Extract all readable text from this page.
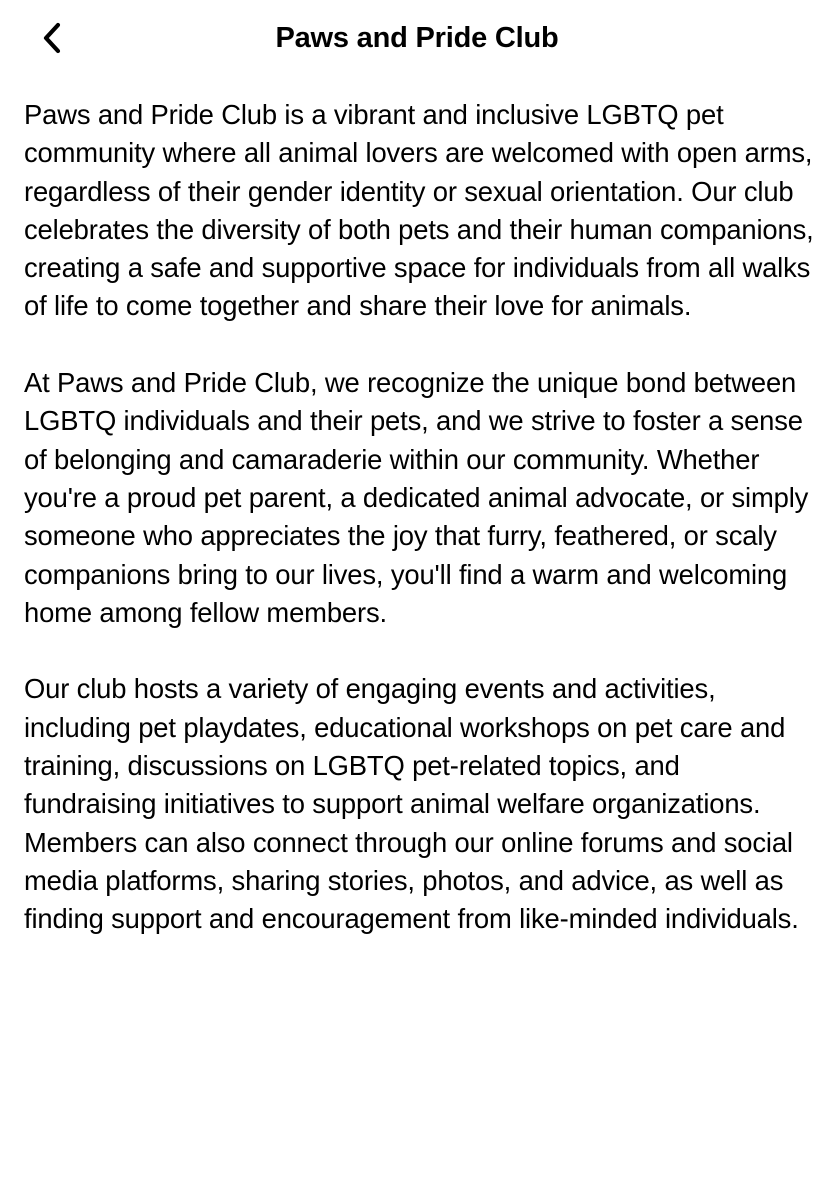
Paws and Pride Club

Paws and Pride Club is a vibrant and inclusive LGBTQ pet community where all animal lovers are welcomed with open arms, regardless of their gender identity or sexual orientation. Our club celebrates the diversity of both pets and their human companions, creating a safe and supportive space for individuals from all walks of life to come together and share their love for animals.

At Paws and Pride Club, we recognize the unique bond between LGBTQ individuals and their pets, and we strive to foster a sense of belonging and camaraderie within our community. Whether you're a proud pet parent, a dedicated animal advocate, or simply someone who appreciates the joy that furry, feathered, or scaly companions bring to our lives, you'll find a warm and welcoming home among fellow members.

Our club hosts a variety of engaging events and activities, including pet playdates, educational workshops on pet care and training, discussions on LGBTQ pet-related topics, and fundraising initiatives to support animal welfare organizations. Members can also connect through our online forums and social media platforms, sharing stories, photos, and advice, as well as finding support and encouragement from like-minded individuals.
